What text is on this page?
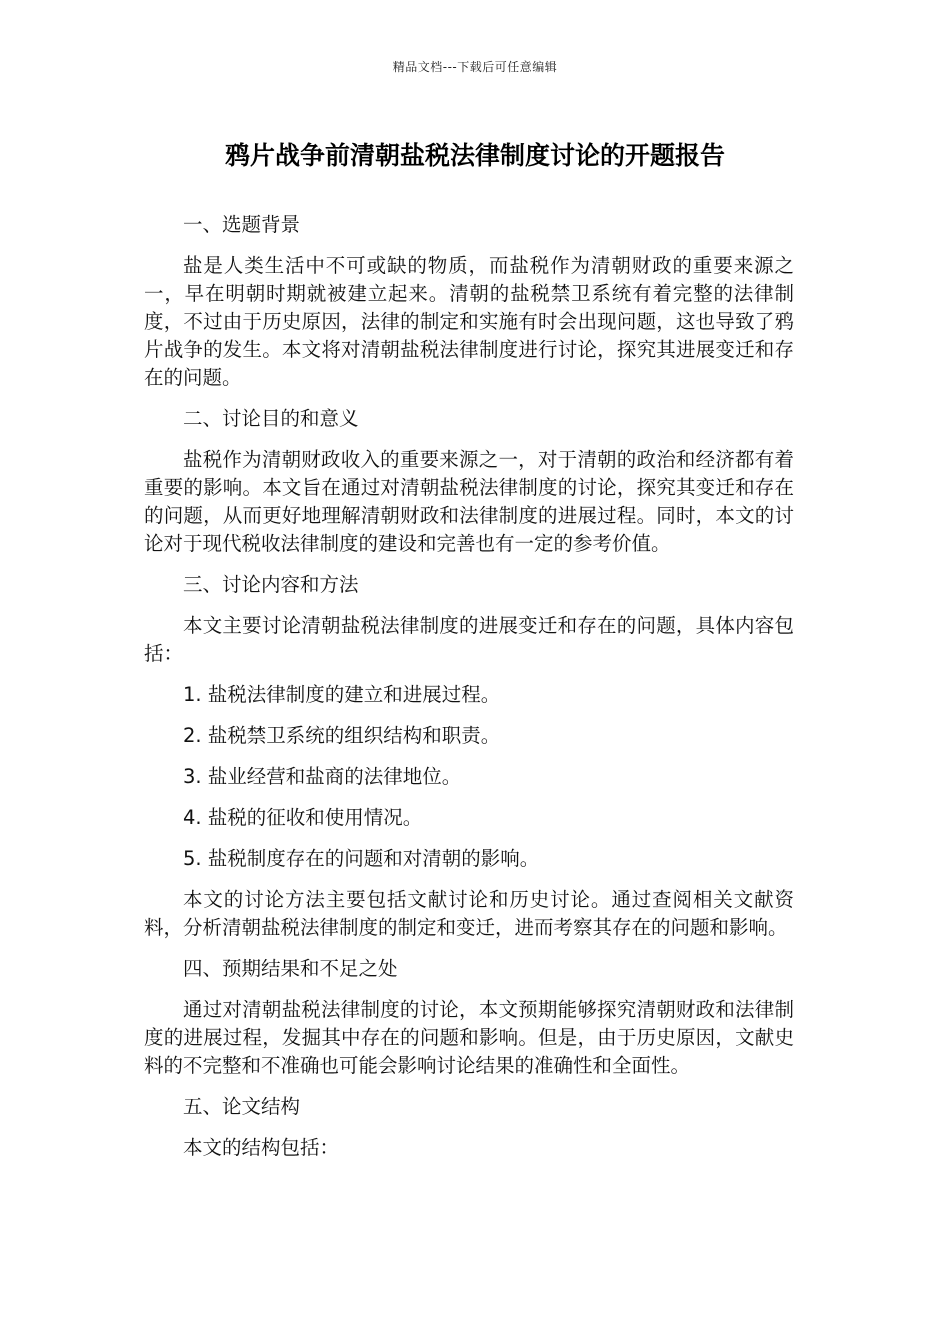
精品文档---下载后可任意编辑
鸦片战争前清朝盐税法律制度讨论的开题报告

一、选题背景

盐是人类生活中不可或缺的物质，而盐税作为清朝财政的重要来源之一，早在明朝时期就被建立起来。清朝的盐税禁卫系统有着完整的法律制度，不过由于历史原因，法律的制定和实施有时会出现问题，这也导致了鸦片战争的发生。本文将对清朝盐税法律制度进行讨论，探究其进展变迁和存在的问题。

二、讨论目的和意义

盐税作为清朝财政收入的重要来源之一，对于清朝的政治和经济都有着重要的影响。本文旨在通过对清朝盐税法律制度的讨论，探究其变迁和存在的问题，从而更好地理解清朝财政和法律制度的进展过程。同时，本文的讨论对于现代税收法律制度的建设和完善也有一定的参考价值。

三、讨论内容和方法

本文主要讨论清朝盐税法律制度的进展变迁和存在的问题，具体内容包括：

1. 盐税法律制度的建立和进展过程。

2. 盐税禁卫系统的组织结构和职责。

3. 盐业经营和盐商的法律地位。

4. 盐税的征收和使用情况。

5. 盐税制度存在的问题和对清朝的影响。

本文的讨论方法主要包括文献讨论和历史讨论。通过查阅相关文献资料，分析清朝盐税法律制度的制定和变迁，进而考察其存在的问题和影响。

四、预期结果和不足之处

通过对清朝盐税法律制度的讨论，本文预期能够探究清朝财政和法律制度的进展过程，发掘其中存在的问题和影响。但是，由于历史原因，文献史料的不完整和不准确也可能会影响讨论结果的准确性和全面性。

五、论文结构

本文的结构包括：
